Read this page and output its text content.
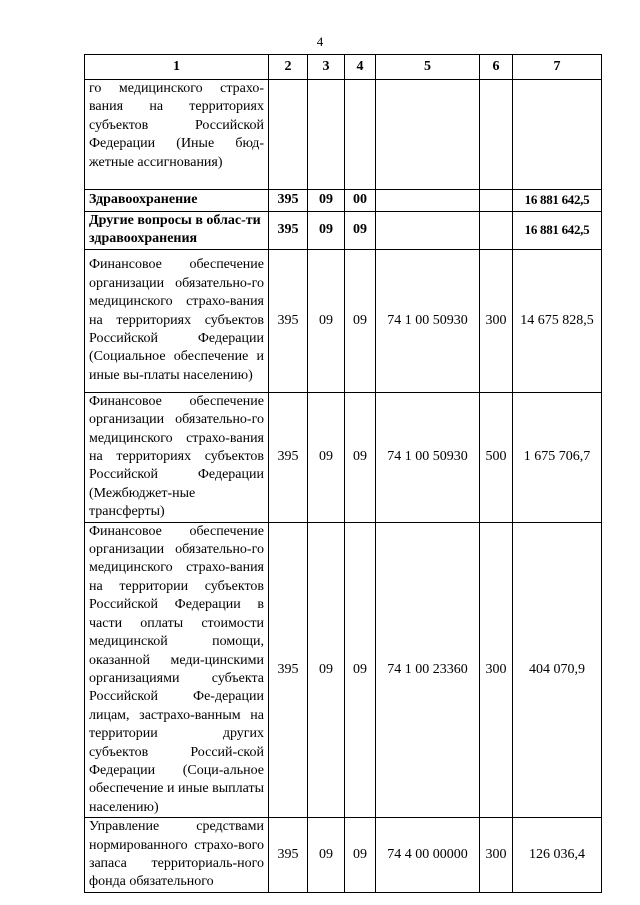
4
1	2	3	4	5	6	7
го медицинского страхо-вания на территориях субъектов Российской Федерации (Иные бюд-жетные ассигнования)						
Здравоохранение	395	09	00			16 881 642,5
Другие вопросы в облас-ти здравоохранения	395	09	09			16 881 642,5
Финансовое обеспечение организации обязательно-го медицинского страхо-вания на территориях субъектов Российской Федерации (Социальное обеспечение и иные вы-платы населению)	395	09	09	74 1 00 50930	300	14 675 828,5
Финансовое обеспечение организации обязательно-го медицинского страхо-вания на территориях субъектов Российской Федерации (Межбюджет-ные трансферты)	395	09	09	74 1 00 50930	500	1 675 706,7
Финансовое обеспечение организации обязательно-го медицинского страхо-вания на территории субъектов Российской Федерации в части оплаты стоимости медицинской помощи, оказанной меди-цинскими организациями субъекта Российской Фе-дерации лицам, застрахо-ванным на территории других субъектов Россий-ской Федерации (Соци-альное обеспечение и иные выплаты населению)	395	09	09	74 1 00 23360	300	404 070,9
Управление средствами нормированного страхо-вого запаса территориаль-ного фонда обязательного	395	09	09	74 4 00 00000	300	126 036,4
